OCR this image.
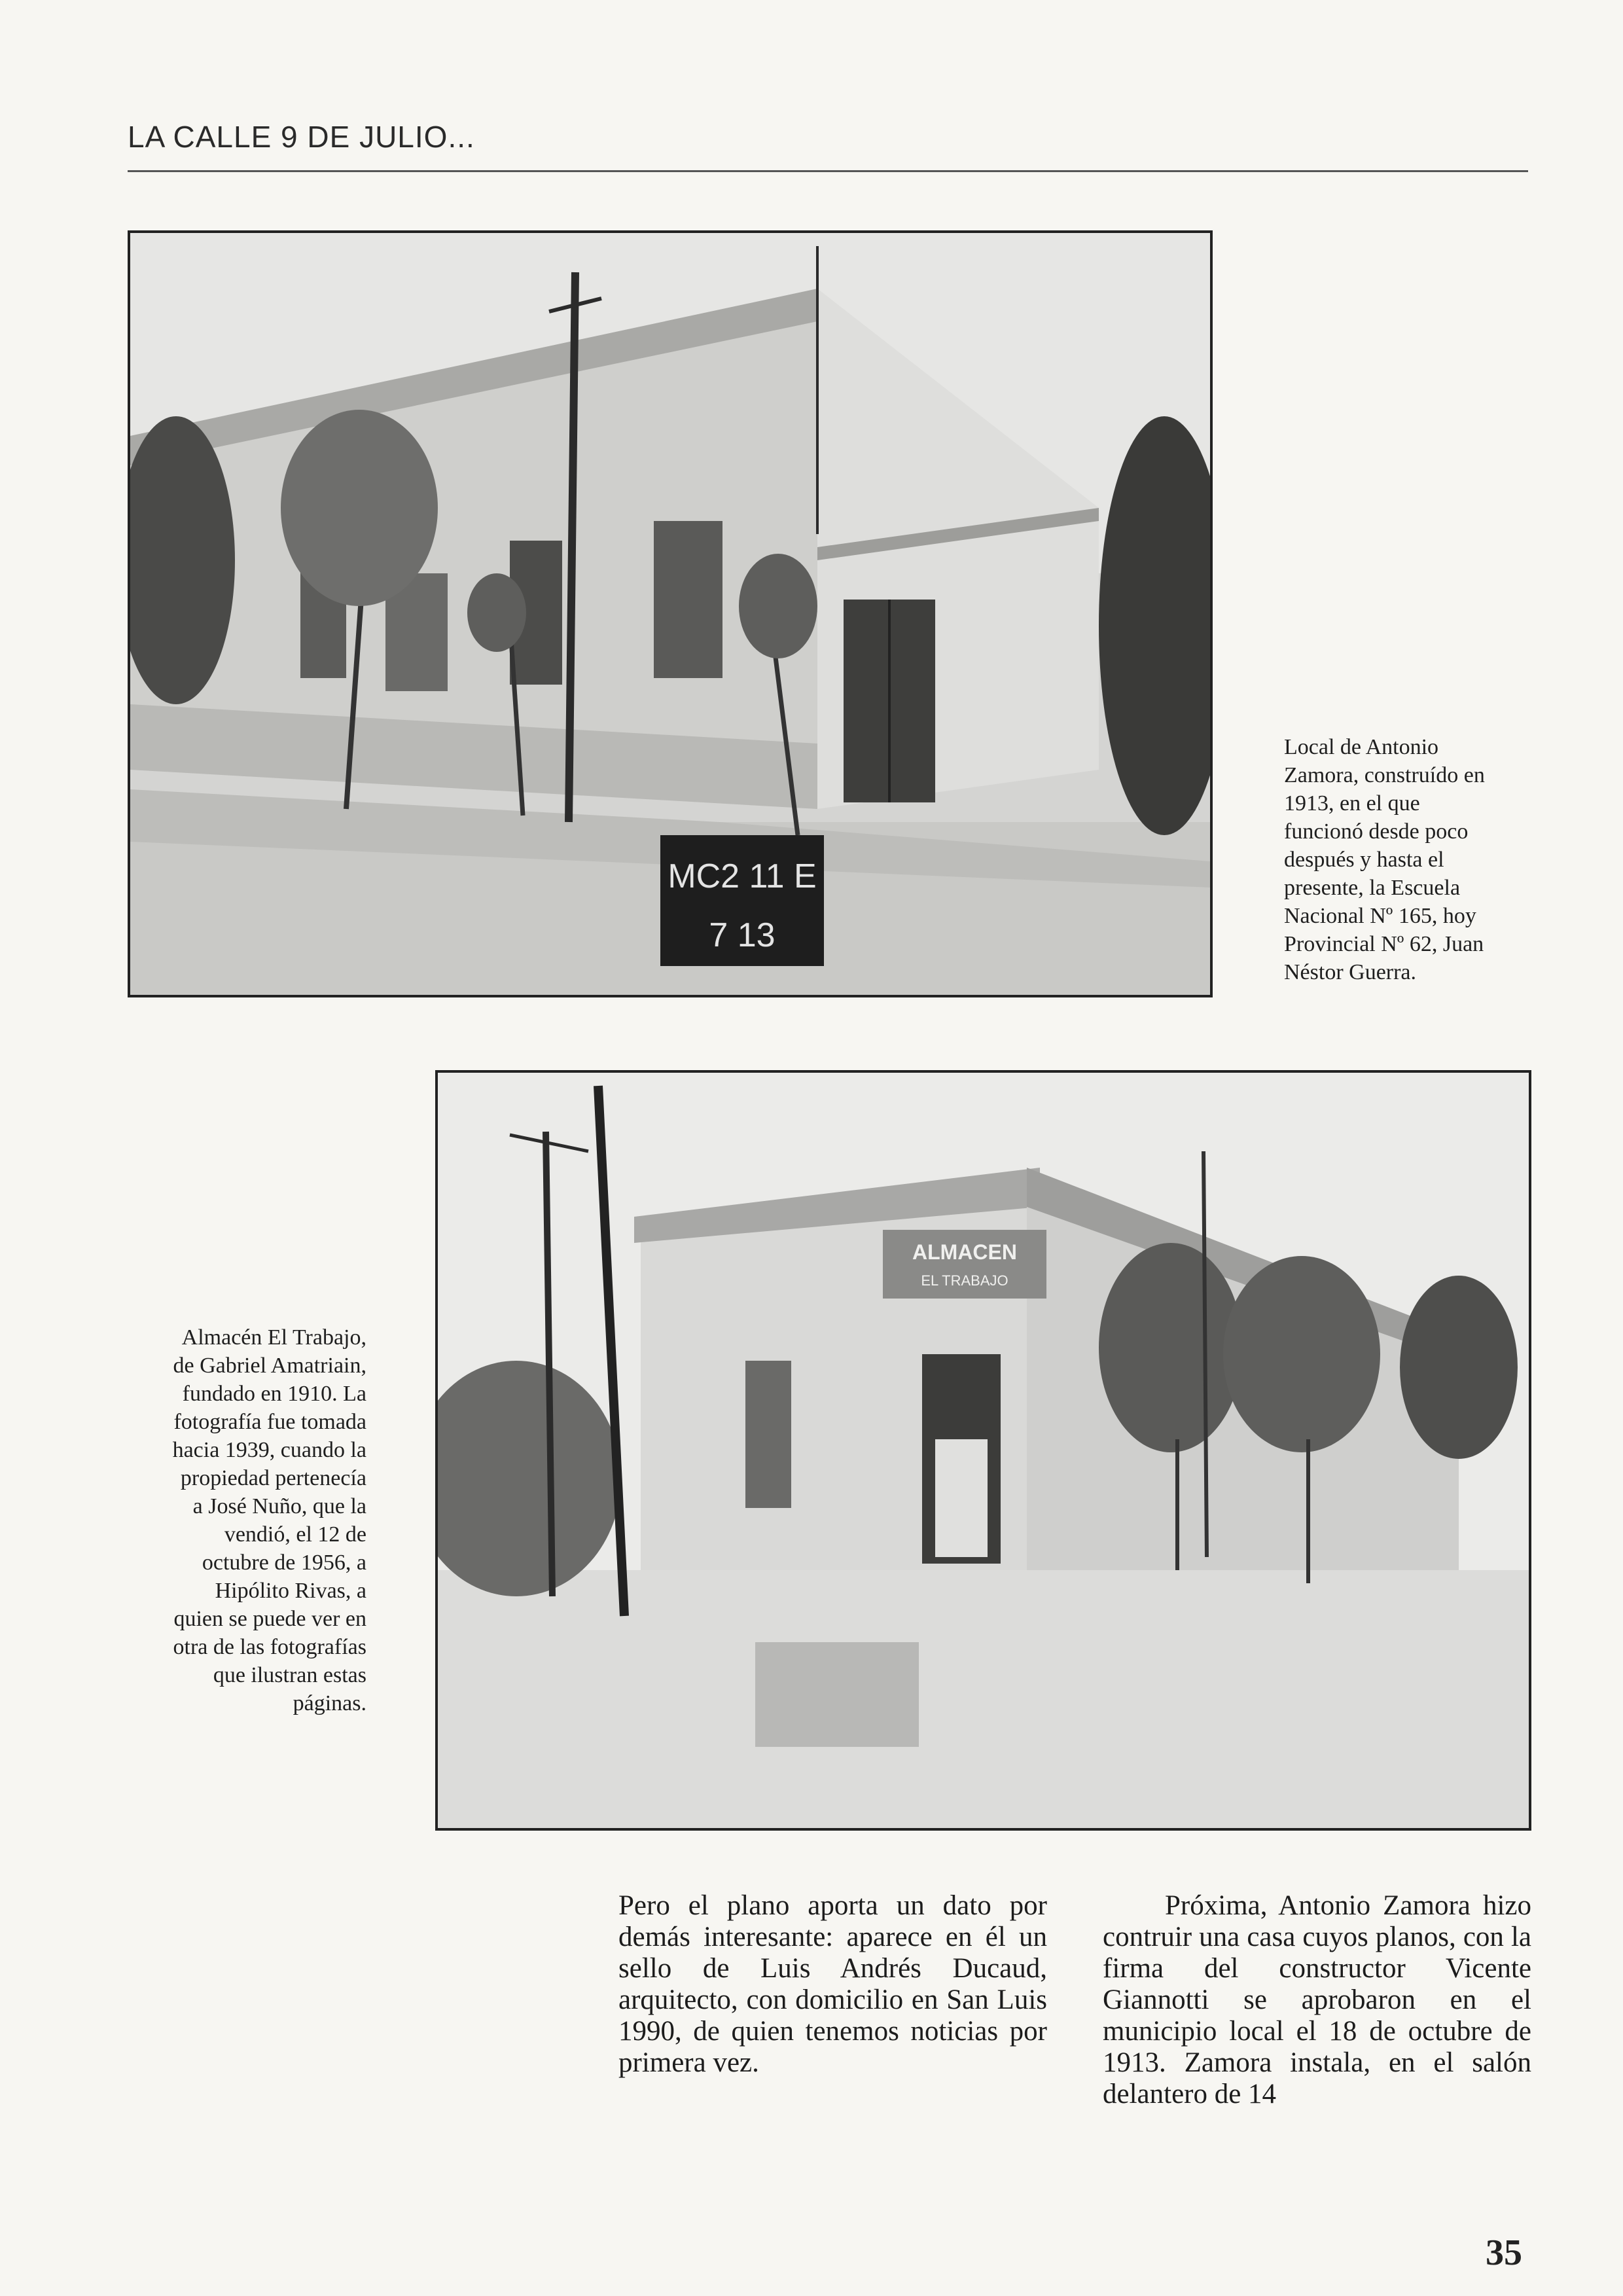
LA CALLE 9 DE JULIO...
MC2 11 E
7 13
Local de Antonio
Zamora, construído en
1913, en el que
funcionó desde poco
después y hasta el
presente, la Escuela
Nacional Nº 165, hoy
Provincial Nº 62, Juan
Néstor Guerra.
ALMACEN
EL TRABAJO
Almacén El Trabajo,
de Gabriel Amatriain,
fundado en 1910. La
fotografía fue tomada
hacia 1939, cuando la
propiedad pertenecía
a José Nuño, que la
vendió, el 12 de
octubre de 1956, a
Hipólito Rivas, a
quien se puede ver en
otra de las fotografías
que ilustran estas
páginas.

Pero el plano aporta un dato por demás interesante: aparece en él un sello de Luis Andrés Ducaud, arquitecto, con domicilio en San Luis 1990, de quien tenemos noticias por primera vez.

Próxima, Antonio Zamora hizo contruir una casa cuyos planos, con la firma del constructor Vicente Giannotti se aprobaron en el municipio local el 18 de octubre de 1913. Zamora instala, en el salón delantero de 14

35
